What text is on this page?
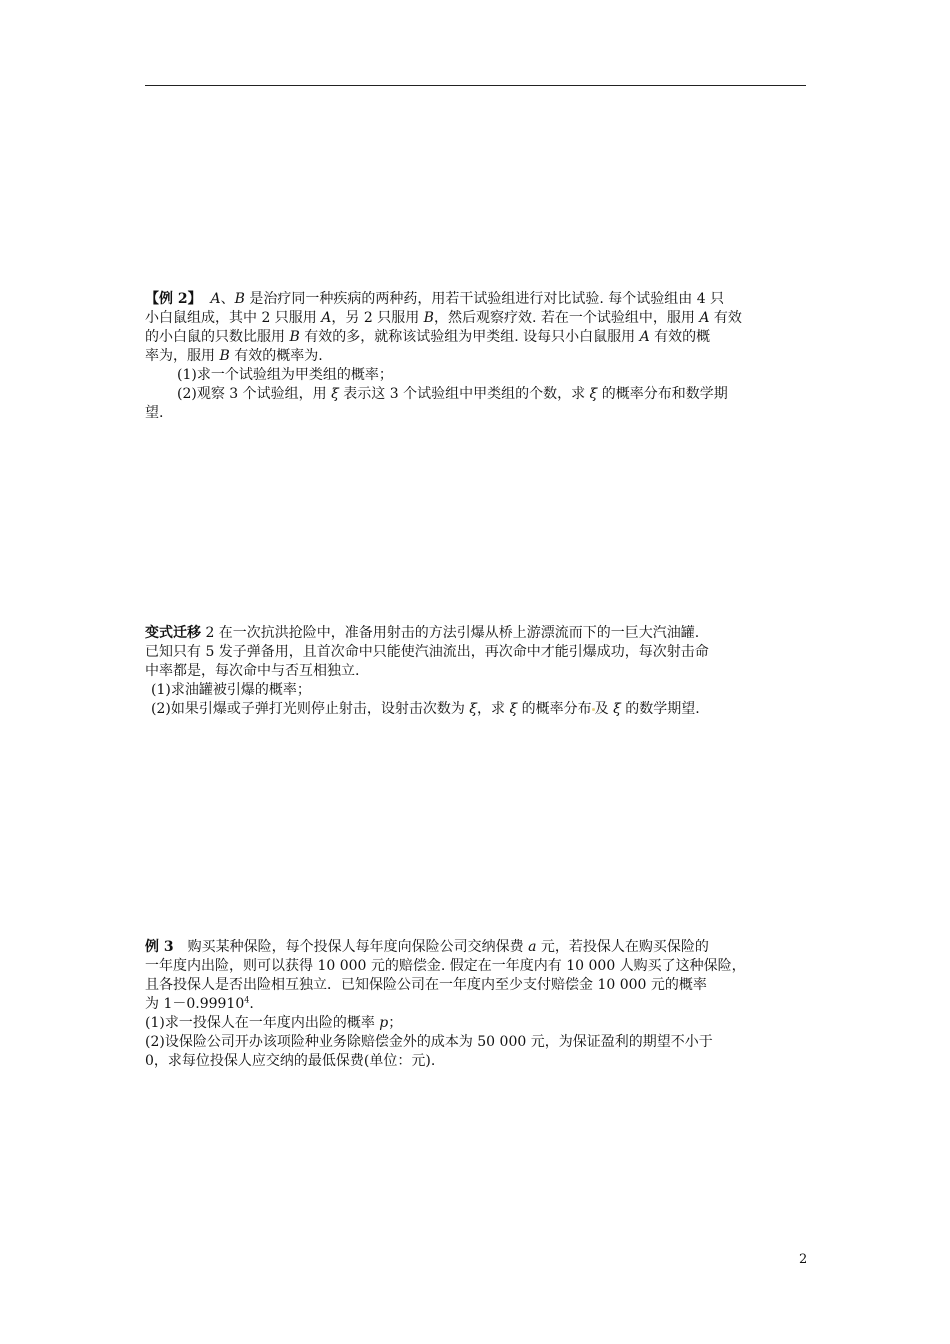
【例 2】 A、B 是治疗同一种疾病的两种药，用若干试验组进行对比试验. 每个试验组由 4 只
小白鼠组成，其中 2 只服用 A，另 2 只服用 B，然后观察疗效. 若在一个试验组中，服用 A 有效
的小白鼠的只数比服用 B 有效的多，就称该试验组为甲类组. 设每只小白鼠服用 A 有效的概
率为，服用 B 有效的概率为.
(1)求一个试验组为甲类组的概率；
(2)观察 3 个试验组，用 ξ 表示这 3 个试验组中甲类组的个数，求 ξ 的概率分布和数学期
望.
变式迁移 2 在一次抗洪抢险中，准备用射击的方法引爆从桥上游漂流而下的一巨大汽油罐.
已知只有 5 发子弹备用，且首次命中只能使汽油流出，再次命中才能引爆成功，每次射击命
中率都是，每次命中与否互相独立.
(1)求油罐被引爆的概率；
(2)如果引爆或子弹打光则停止射击，设射击次数为 ξ，求 ξ 的概率分布 及 ξ 的数学期望.
例 3　购买某种保险，每个投保人每年度向保险公司交纳保费 a 元，若投保人在购买保险的
一年度内出险，则可以获得 10 000 元的赔偿金. 假定在一年度内有 10 000 人购买了这种保险，
且各投保人是否出险相互独立．已知保险公司在一年度内至少支付赔偿金 10 000 元的概率
为 $1-0.99910^4$.
(1)求一投保人在一年度内出险的概率 p；
(2)设保险公司开办该项险种业务除赔偿金外的成本为 50 000 元，为保证盈利的期望不小于
0，求每位投保人应交纳的最低保费(单位：元).
2
